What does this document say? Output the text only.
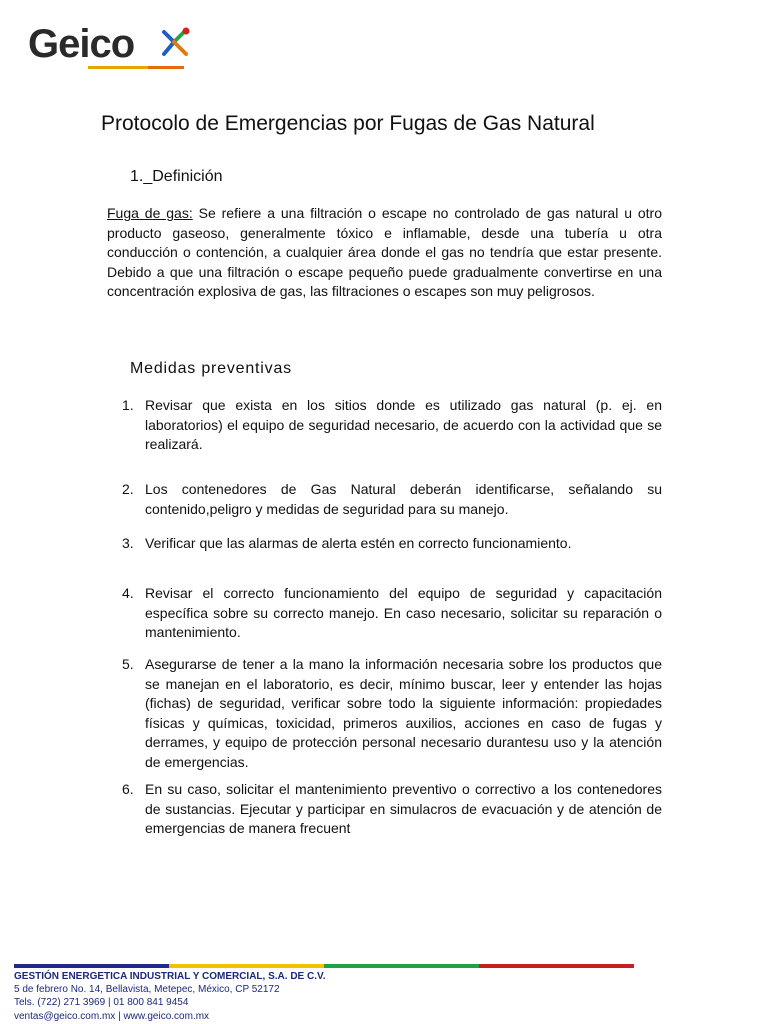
Geico
Protocolo de Emergencias por Fugas de Gas Natural
1._Definición
Fuga de gas: Se refiere a una filtración o escape no controlado de gas natural u otro producto gaseoso, generalmente tóxico e inflamable, desde una tubería u otra conducción o contención, a cualquier área donde el gas no tendría que estar presente. Debido a que una filtración o escape pequeño puede gradualmente convertirse en una concentración explosiva de gas, las filtraciones o escapes son muy peligrosos.
Medidas preventivas
1. Revisar que exista en los sitios donde es utilizado gas natural (p. ej. en laboratorios) el equipo de seguridad necesario, de acuerdo con la actividad que se realizará.
2. Los contenedores de Gas Natural deberán identificarse, señalando su contenido,peligro y medidas de seguridad para su manejo.
3. Verificar que las alarmas de alerta estén en correcto funcionamiento.
4. Revisar el correcto funcionamiento del equipo de seguridad y capacitación específica sobre su correcto manejo. En caso necesario, solicitar su reparación o mantenimiento.
5. Asegurarse de tener a la mano la información necesaria sobre los productos que se manejan en el laboratorio, es decir, mínimo buscar, leer y entender las hojas (fichas) de seguridad, verificar sobre todo la siguiente información: propiedades físicas y químicas, toxicidad, primeros auxilios, acciones en caso de fugas y derrames, y equipo de protección personal necesario durantesu uso y la atención de emergencias.
6. En su caso, solicitar el mantenimiento preventivo o correctivo a los contenedores de sustancias. Ejecutar y participar en simulacros de evacuación y de atención de emergencias de manera frecuent
GESTIÓN ENERGETICA INDUSTRIAL Y COMERCIAL, S.A. DE C.V.
5 de febrero No. 14, Bellavista, Metepec, México, CP 52172
Tels. (722) 271 3969 | 01 800 841 9454
ventas@geico.com.mx | www.geico.com.mx
